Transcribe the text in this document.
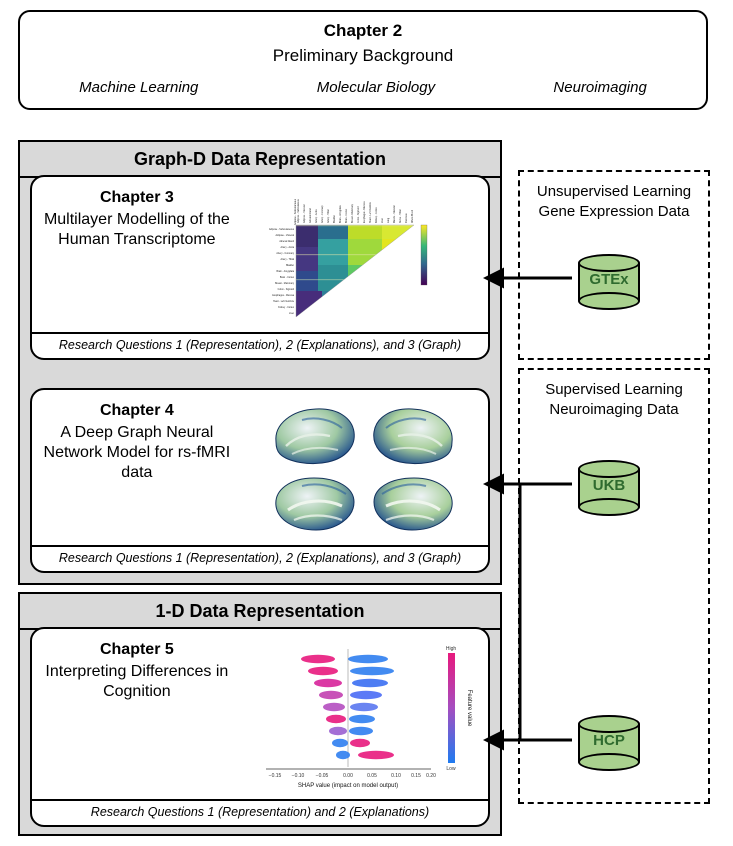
Chapter 2
Preliminary Background
Machine Learning	Molecular Biology	Neuroimaging
Graph-D Data Representation
1-D Data Representation
Chapter 3
Multilayer Modelling of the Human Transcriptome
Adipose - Subcutaneous
Adipose - Subcutaneous
Adipose - Visceral
Adrenal Gland
Artery - Aorta
Artery - Coronary
Artery - Tibial
Bladder
Brain - Amygdala
Brain - Cortex
Breast - Mammary
Colon - Sigmoid
Esophagus - Mucosa
Heart - Left Ventricle
Kidney - Cortex
Liver
Adipose - Subcutaneous	Adipose - Visceral	Adrenal Gland	Artery - Aorta	Artery - Coronary	Artery - Tibial	Bladder	Brain - Amygdala	Brain - Cortex	Breast - Mammary Colon - Sigmoid Esophagus - Mucosa	Heart - Left Ventricle	Kidney - Cortex	Liver Lung	Muscle - Skeletal	Nerve - Tibial	Pancreas Whole Blood
Research Questions 1 (Representation), 2 (Explanations), and 3 (Graph)
Chapter 4
A Deep Graph Neural Network Model for rs-fMRI data
Research Questions 1 (Representation), 2 (Explanations), and 3 (Graph)
Chapter 5
Interpreting Differences in Cognition
−0.15 −0.10 −0.05	0.00	0.05	0.10 0.15 0.20
SHAP value (impact on model output)
High
Low
Feature value
Research Questions 1 (Representation) and 2 (Explanations)
Unsupervised Learning Gene Expression Data
Supervised Learning Neuroimaging Data
GTEx
UKB
HCP
